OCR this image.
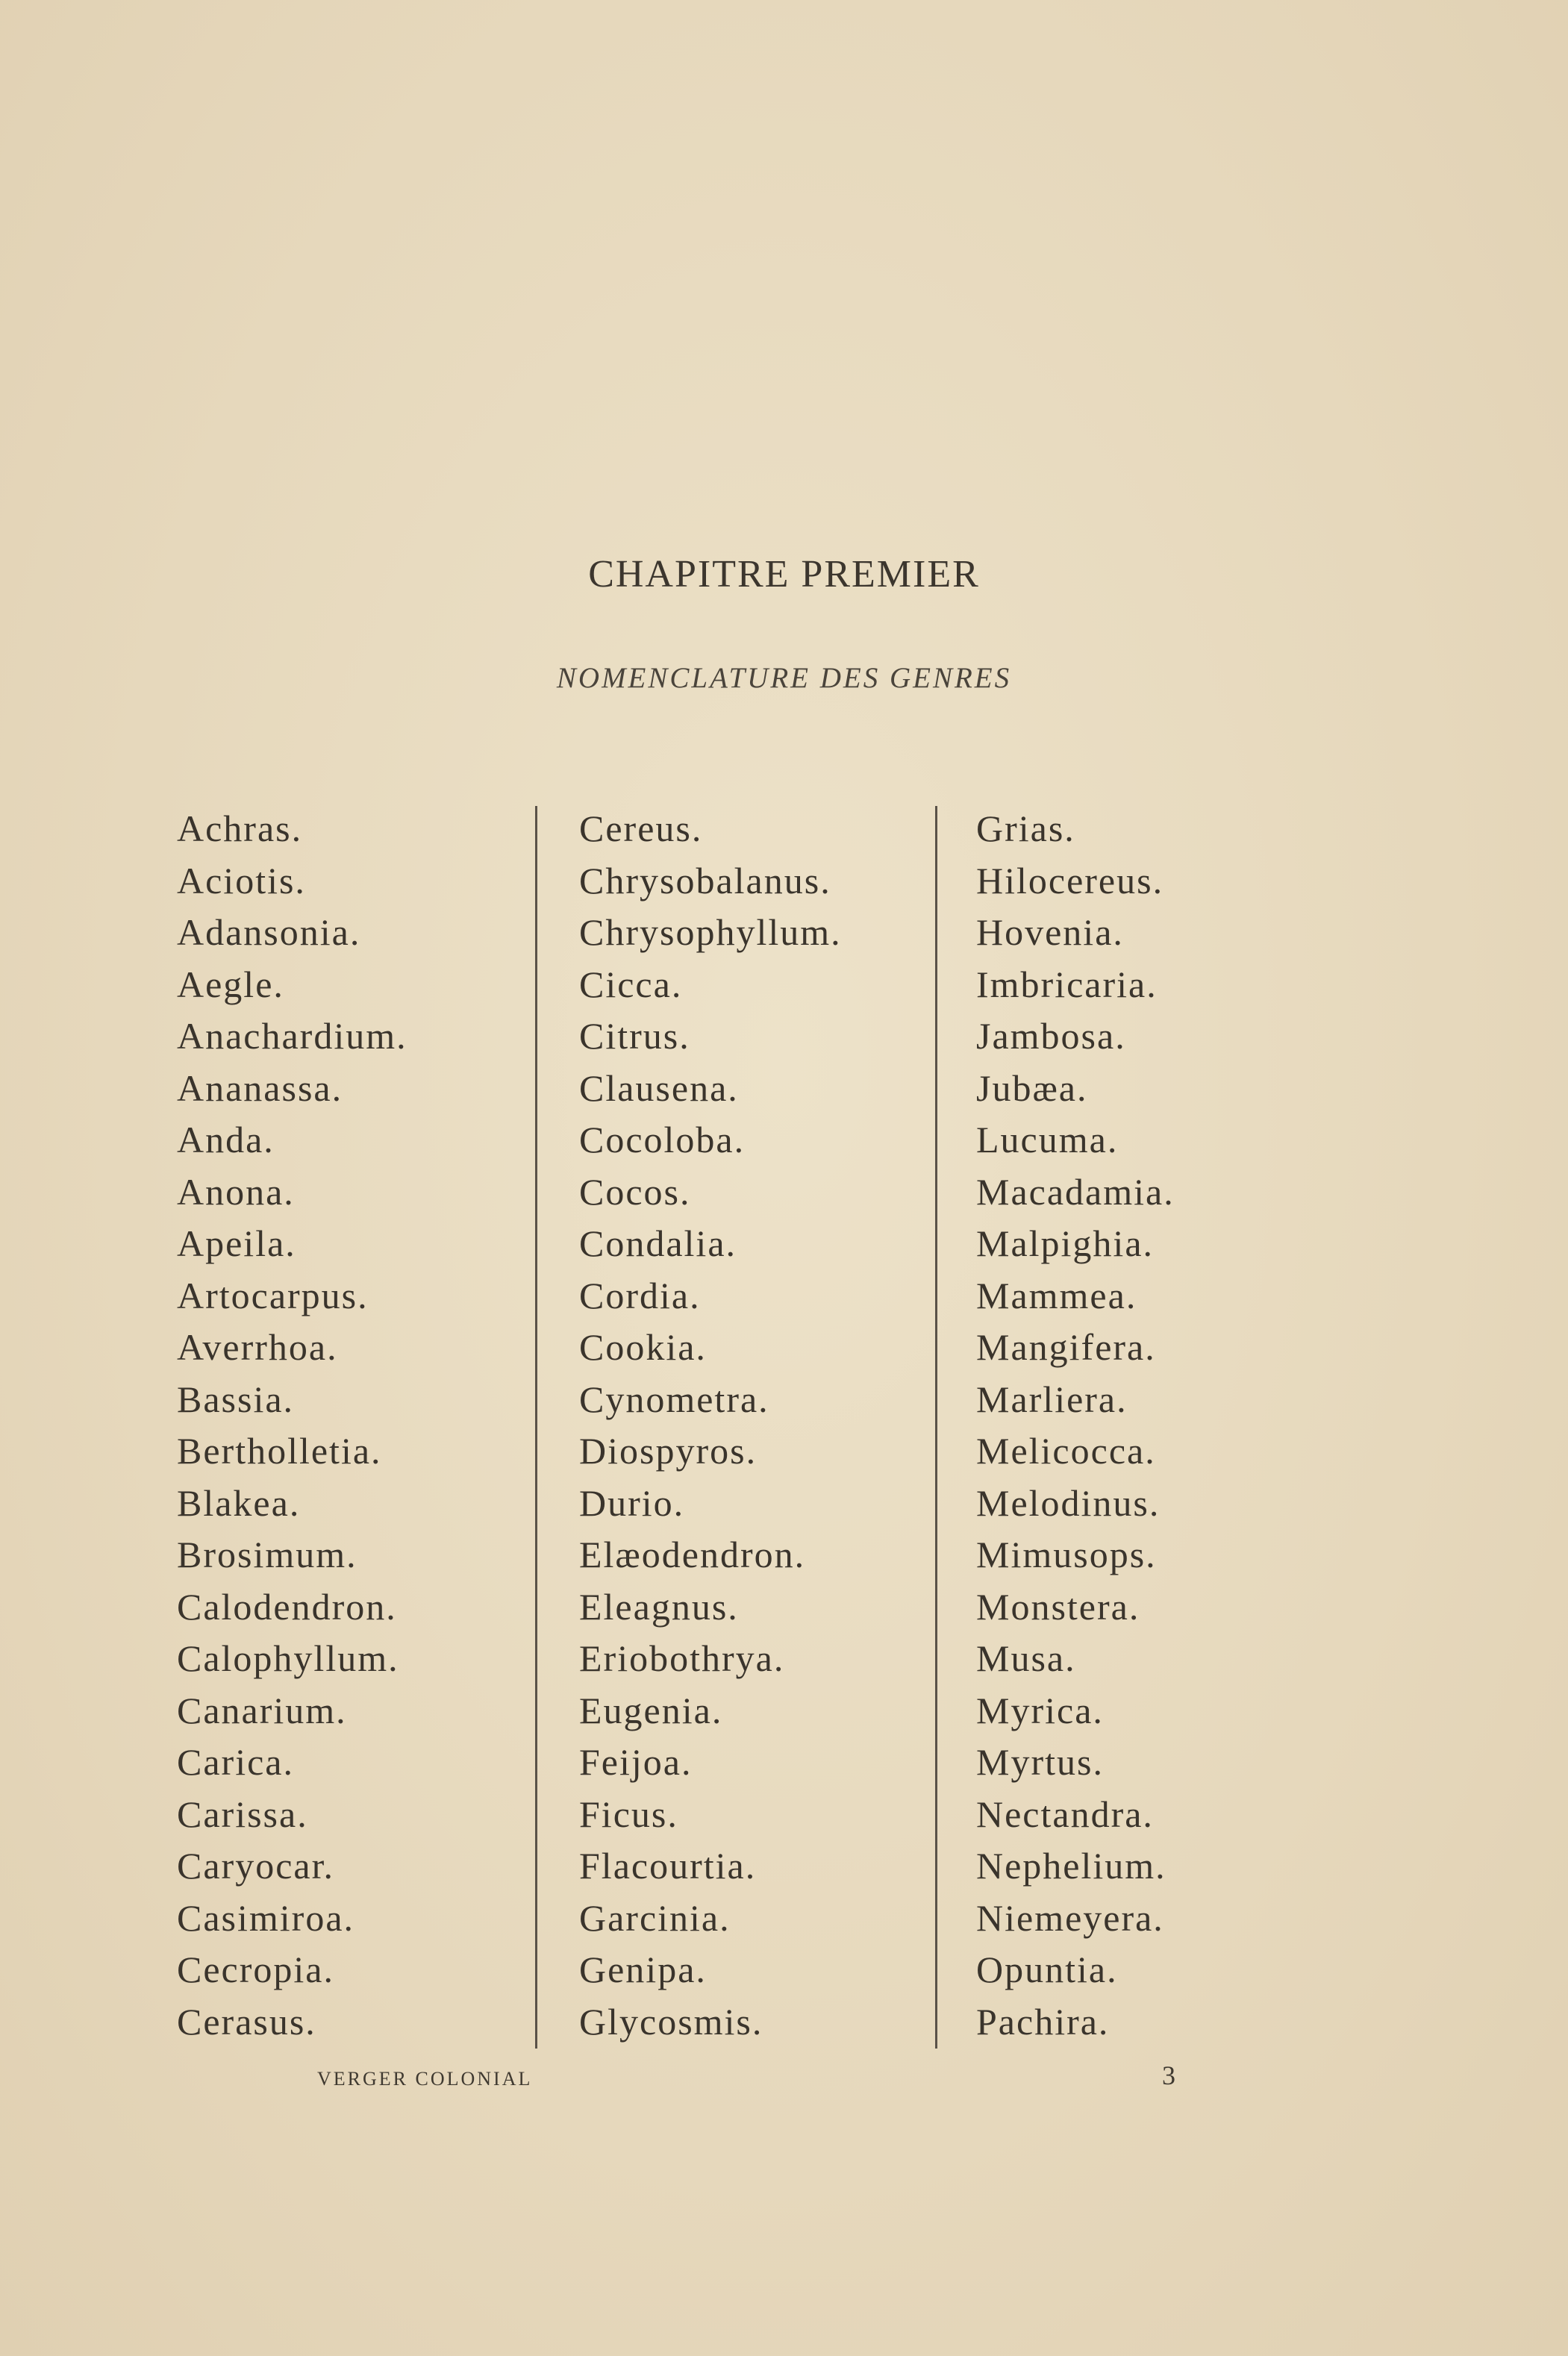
CHAPITRE PREMIER
NOMENCLATURE DES GENRES
Achras.
Aciotis.
Adansonia.
Aegle.
Anachardium.
Ananassa.
Anda.
Anona.
Apeila.
Artocarpus.
Averrhoa.
Bassia.
Bertholletia.
Blakea.
Brosimum.
Calodendron.
Calophyllum.
Canarium.
Carica.
Carissa.
Caryocar.
Casimiroa.
Cecropia.
Cerasus.
Cereus.
Chrysobalanus.
Chrysophyllum.
Cicca.
Citrus.
Clausena.
Cocoloba.
Cocos.
Condalia.
Cordia.
Cookia.
Cynometra.
Diospyros.
Durio.
Elæodendron.
Eleagnus.
Eriobothrya.
Eugenia.
Feijoa.
Ficus.
Flacourtia.
Garcinia.
Genipa.
Glycosmis.
Grias.
Hilocereus.
Hovenia.
Imbricaria.
Jambosa.
Jubæa.
Lucuma.
Macadamia.
Malpighia.
Mammea.
Mangifera.
Marliera.
Melicocca.
Melodinus.
Mimusops.
Monstera.
Musa.
Myrica.
Myrtus.
Nectandra.
Nephelium.
Niemeyera.
Opuntia.
Pachira.
VERGER COLONIAL	3
